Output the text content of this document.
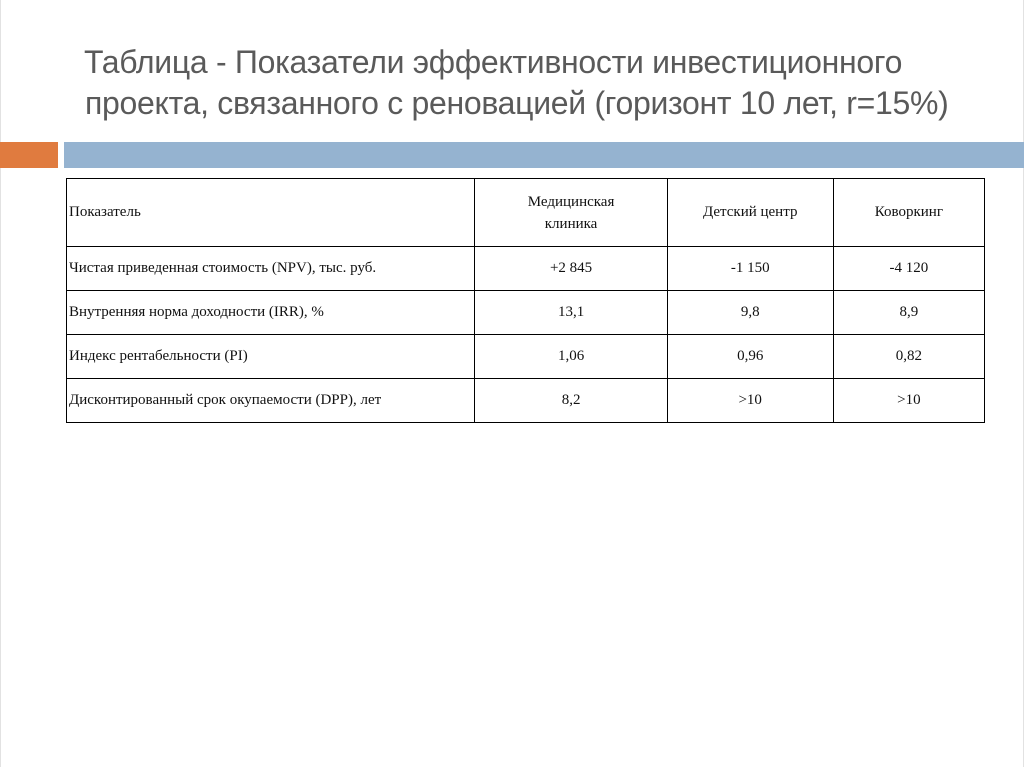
Таблица - Показатели эффективности инвестиционного
проекта, связанного с реновацией (горизонт 10 лет, r=15%)
Показатель	Медицинская клиника	Детский центр	Коворкинг
Чистая приведенная стоимость (NPV), тыс. руб.	+2 845	-1 150	-4 120
Внутренняя норма доходности (IRR), %	13,1	9,8	8,9
Индекс рентабельности (PI)	1,06	0,96	0,82
Дисконтированный срок окупаемости (DPP), лет	8,2	>10	>10
